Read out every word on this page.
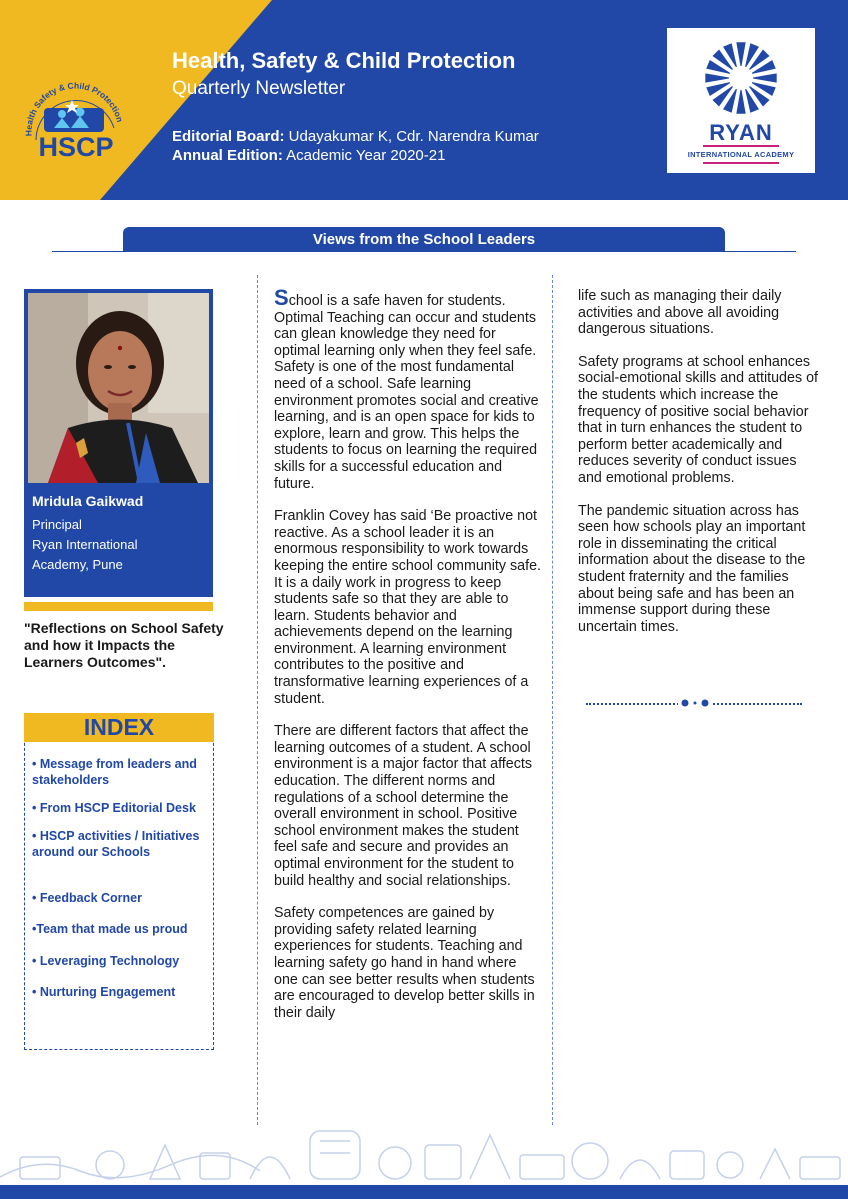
Health Safety & Child Protection
HSCP
Health, Safety & Child Protection
Quarterly Newsletter
Editorial Board: Udayakumar K, Cdr. Narendra Kumar
Annual Edition: Academic Year 2020-21
RYAN
INTERNATIONAL ACADEMY
Views from the School Leaders
Mridula Gaikwad
Principal
Ryan International
Academy, Pune
"Reflections on School Safety and how it Impacts the Learners Outcomes".
INDEX
• Message from leaders and stakeholders
• From HSCP Editorial Desk
• HSCP activities / Initiatives around our Schools
• Feedback Corner
•Team that made us proud
• Leveraging Technology
• Nurturing Engagement

School is a safe haven for students. Optimal Teaching can occur and students can glean knowledge they need for optimal learning only when they feel safe. Safety is one of the most fundamental need of a school. Safe learning environment promotes social and creative learning, and is an open space for kids to explore, learn and grow. This helps the students to focus on learning the required skills for a successful education and future.

Franklin Covey has said ‘Be proactive not reactive. As a school leader it is an enormous responsibility to work towards keeping the entire school community safe. It is a daily work in progress to keep students safe so that they are able to learn. Students behavior and achievements depend on the learning environment. A learning environment contributes to the positive and transformative learning experiences of a student.

There are different factors that affect the learning outcomes of a student. A school environment is a major factor that affects education. The different norms and regulations of a school determine the overall environment in school. Positive school environment makes the student feel safe and secure and provides an optimal environment for the student to build healthy and social relationships.

Safety competences are gained by providing safety related learning experiences for students. Teaching and learning safety go hand in hand where one can see better results when students are encouraged to develop better skills in their daily

life such as managing their daily activities and above all avoiding dangerous situations.

Safety programs at school enhances social-emotional skills and attitudes of the students which increase the frequency of positive social behavior that in turn enhances the student to perform better academically and reduces severity of conduct issues and emotional problems.

The pandemic situation across has seen how schools play an important role in disseminating the critical information about the disease to the student fraternity and the families about being safe and has been an immense support during these uncertain times.
